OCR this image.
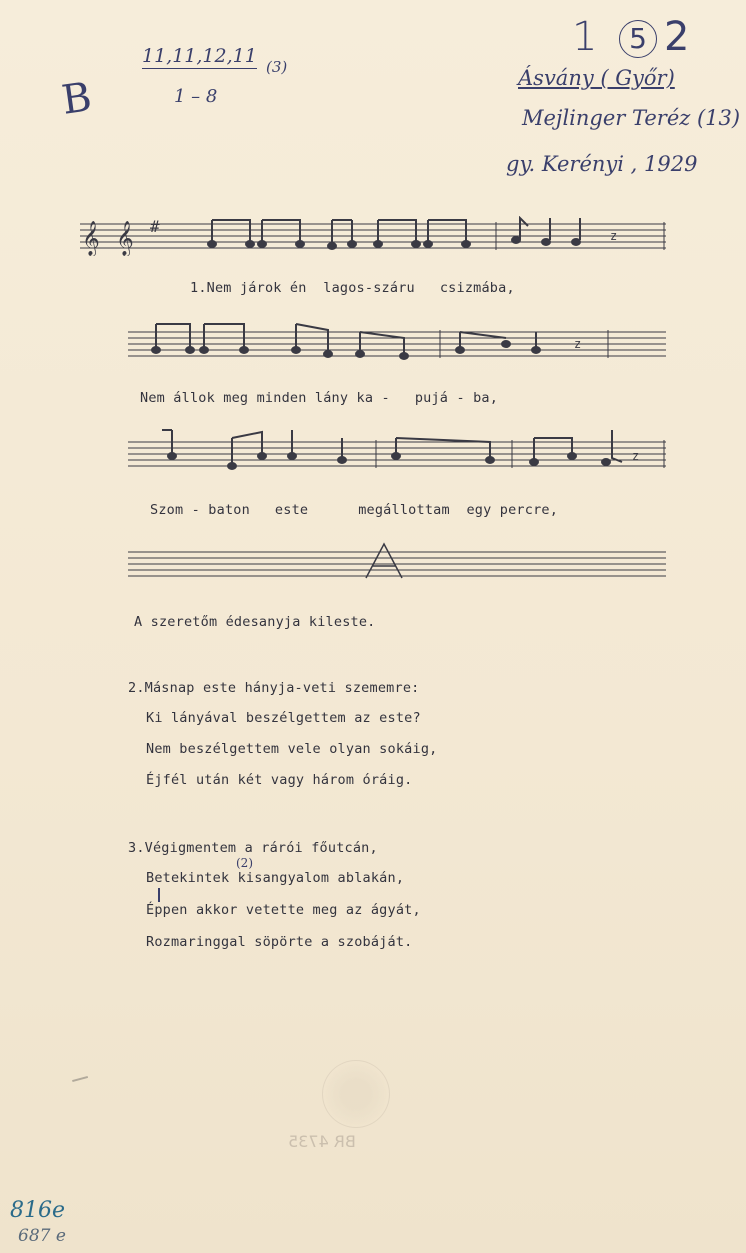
B
11,11,12,11 (3)
1 – 8
1	5 2
Ásvány ( Győr)
Mejlinger Teréz (13)
gy. Kerényi , 1929
𝄞 𝄞 #	z
1.Nem járok én  lagos-száru   csizmába,
z
Nem állok meg minden lány ka -   pujá - ba,
z
Szom - baton   este      megállottam  egy percre,
A szeretőm édesanyja kileste.
2.Másnap este hányja-veti szememre:
Ki lányával beszélgettem az este?
Nem beszélgettem vele olyan sokáig,
Éjfél után két vagy három óráig.
3.Végigmentem a rárói főutcán,
(2)
Betekintek kisangyalom ablakán,
Éppen akkor vetette meg az ágyát,
Rozmaringgal söpörte a szobáját.
BR 4735
816e
687 e
